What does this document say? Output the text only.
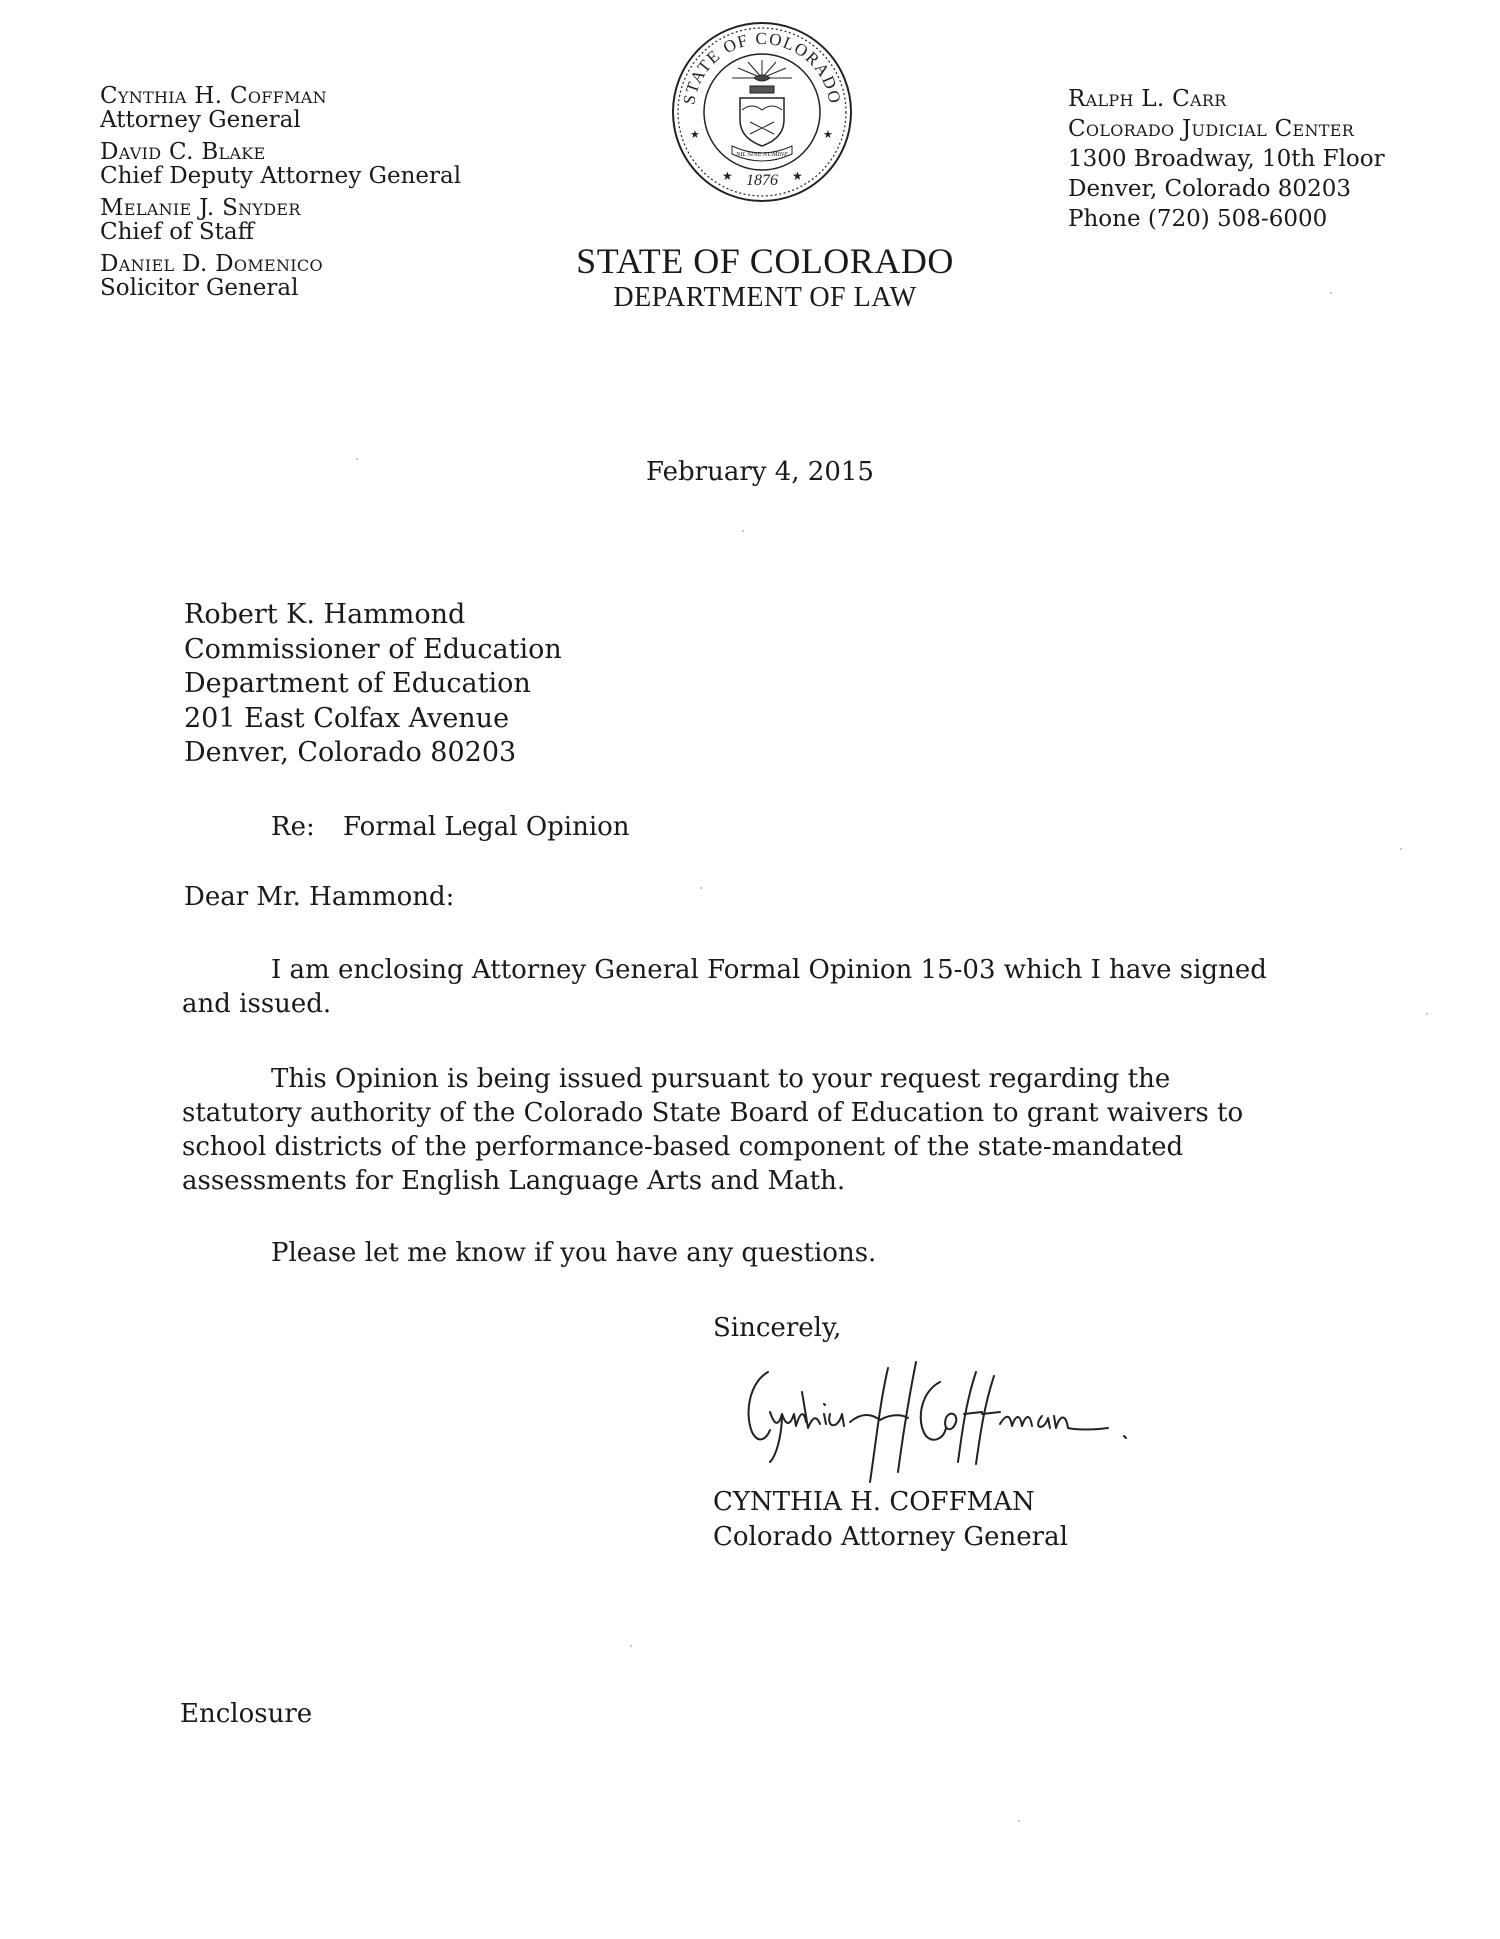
Cynthia H. Coffman
Attorney General
David C. Blake
Chief Deputy Attorney General
Melanie J. Snyder
Chief of Staff
Daniel D. Domenico
Solicitor General
STATE OF COLORADO
1876
★	★
★	★
NIL SINE NUMINE
STATE OF COLORADO
DEPARTMENT OF LAW
Ralph L. Carr
Colorado Judicial Center
1300 Broadway, 10th Floor
Denver, Colorado 80203
Phone (720) 508-6000
February 4, 2015
Robert K. Hammond
Commissioner of Education
Department of Education
201 East Colfax Avenue
Denver, Colorado 80203
Re: Formal Legal Opinion
Dear Mr. Hammond:
I am enclosing Attorney General Formal Opinion 15-03 which I have signed
and issued.
This Opinion is being issued pursuant to your request regarding the
statutory authority of the Colorado State Board of Education to grant waivers to
school districts of the performance-based component of the state-mandated
assessments for English Language Arts and Math.
Please let me know if you have any questions.
Sincerely,
CYNTHIA H. COFFMAN
Colorado Attorney General
Enclosure
